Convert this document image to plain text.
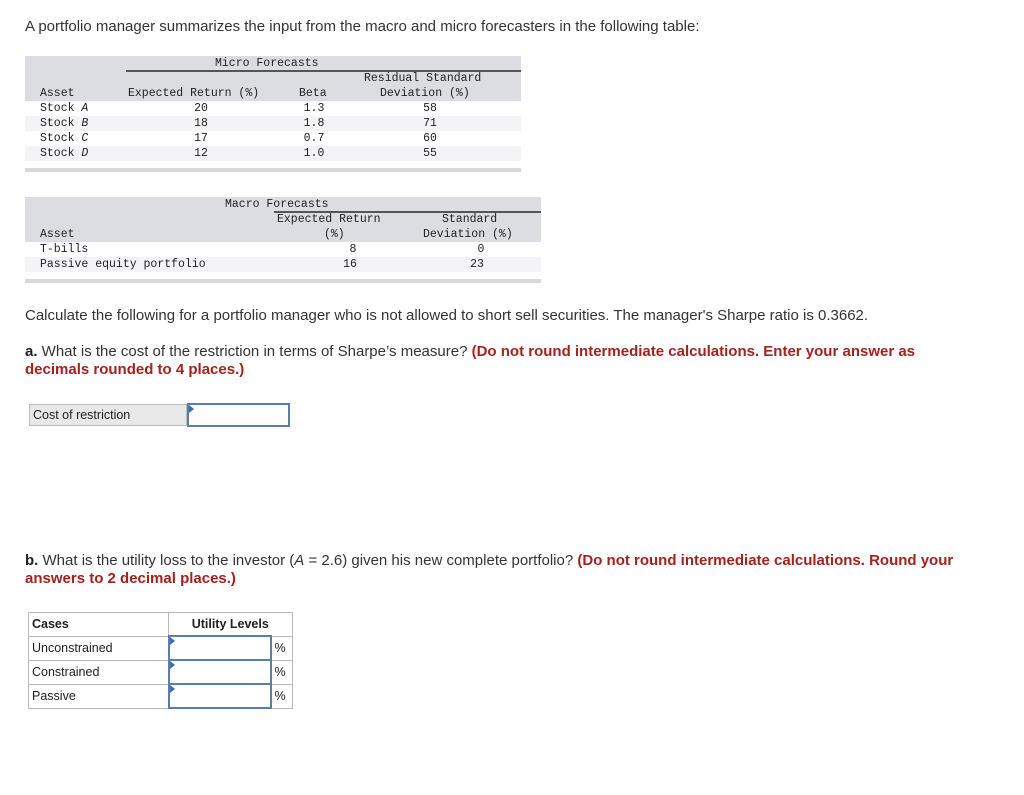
A portfolio manager summarizes the input from the macro and micro forecasters in the following table:
Micro Forecasts
Residual Standard
Asset	Expected Return (%)	Beta	Deviation (%)
Stock A	20	1.3	58
Stock B	18	1.8	71
Stock C	17	0.7	60
Stock D	12	1.0	55
Macro Forecasts
Expected Return	Standard
Asset	(%)	Deviation (%)
T-bills	8	0
Passive equity portfolio	16	23
Calculate the following for a portfolio manager who is not allowed to short sell securities. The manager's Sharpe ratio is 0.3662.
a. What is the cost of the restriction in terms of Sharpe’s measure? (Do not round intermediate calculations. Enter your answer as decimals rounded to 4 places.)
Cost of restriction
b. What is the utility loss to the investor (A = 2.6) given his new complete portfolio? (Do not round intermediate calculations. Round your answers to 2 decimal places.)
Cases	Utility Levels	
Unconstrained		%
Constrained		%
Passive		%
